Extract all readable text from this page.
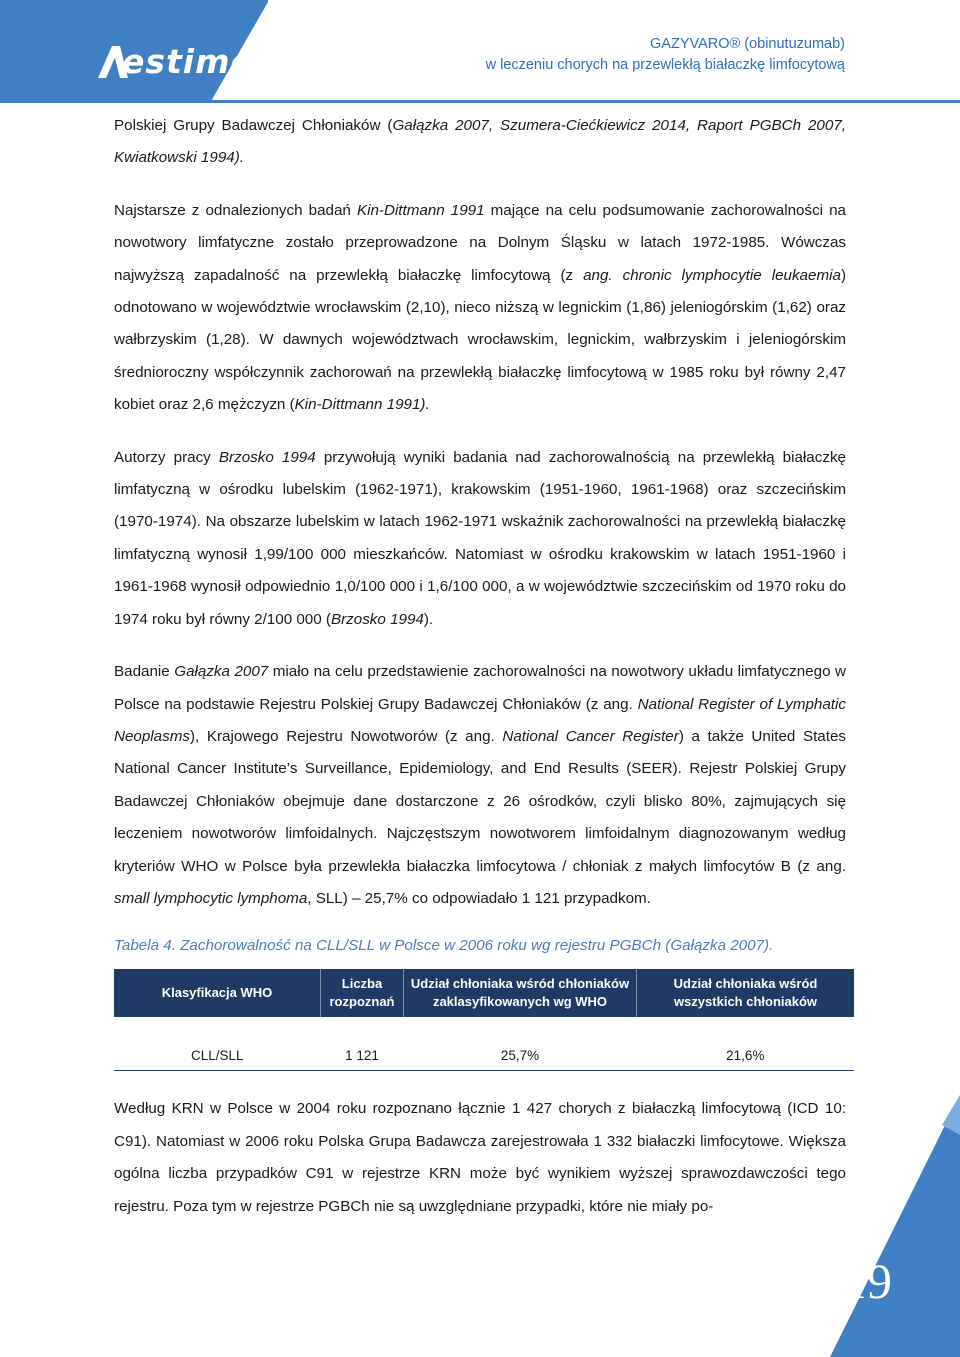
estimo	GAZYVARO® (obinutuzumab)
w leczeniu chorych na przewlekłą białaczkę limfocytową

Polskiej Grupy Badawczej Chłoniaków (Gałązka 2007, Szumera-Ciećkiewicz 2014, Raport PGBCh 2007, Kwiatkowski 1994).

Najstarsze z odnalezionych badań Kin-Dittmann 1991 mające na celu podsumowanie zachorowalności na nowotwory limfatyczne zostało przeprowadzone na Dolnym Śląsku w latach 1972-1985. Wówczas najwyższą zapadalność na przewlekłą białaczkę limfocytową (z ang. chronic lymphocytie leukaemia) odnotowano w województwie wrocławskim (2,10), nieco niższą w legnickim (1,86) jeleniogórskim (1,62) oraz wałbrzyskim (1,28). W dawnych województwach wrocławskim, legnickim, wałbrzyskim i jeleniogórskim średnioroczny współczynnik zachorowań na przewlekłą białaczkę limfocytową w 1985 roku był równy 2,47 kobiet oraz 2,6 mężczyzn (Kin-Dittmann 1991).

Autorzy pracy Brzosko 1994 przywołują wyniki badania nad zachorowalnością na przewlekłą białaczkę limfatyczną w ośrodku lubelskim (1962-1971), krakowskim (1951-1960, 1961-1968) oraz szczecińskim (1970-1974). Na obszarze lubelskim w latach 1962-1971 wskaźnik zachorowalności na przewlekłą białaczkę limfatyczną wynosił 1,99/100 000 mieszkańców. Natomiast w ośrodku krakowskim w latach 1951-1960 i 1961-1968 wynosił odpowiednio 1,0/100 000 i 1,6/100 000, a w województwie szczecińskim od 1970 roku do 1974 roku był równy 2/100 000 (Brzosko 1994).

Badanie Gałązka 2007 miało na celu przedstawienie zachorowalności na nowotwory układu limfatycznego w Polsce na podstawie Rejestru Polskiej Grupy Badawczej Chłoniaków (z ang. National Register of Lymphatic Neoplasms), Krajowego Rejestru Nowotworów (z ang. National Cancer Register) a także United States National Cancer Institute’s Surveillance, Epidemiology, and End Results (SEER). Rejestr Polskiej Grupy Badawczej Chłoniaków obejmuje dane dostarczone z 26 ośrodków, czyli blisko 80%, zajmujących się leczeniem nowotworów limfoidalnych. Najczęstszym nowotworem limfoidalnym diagnozowanym według kryteriów WHO w Polsce była przewlekła białaczka limfocytowa / chłoniak z małych limfocytów B (z ang. small lymphocytic lymphoma, SLL) – 25,7% co odpowiadało 1 121 przypadkom.

Tabela 4. Zachorowalność na CLL/SLL w Polsce w 2006 roku wg rejestru PGBCh (Gałązka 2007).
Klasyfikacja WHO	Liczba rozpoznań	Udział chłoniaka wśród chłoniaków zaklasyfikowanych wg WHO	Udział chłoniaka wśród wszystkich chłoniaków

CLL/SLL	1 121	25,7%	21,6%

Według KRN w Polsce w 2004 roku rozpoznano łącznie 1 427 chorych z białaczką limfocytową (ICD 10: C91). Natomiast w 2006 roku Polska Grupa Badawcza zarejestrowała 1 332 białaczki limfocytowe. Większa ogólna liczba przypadków C91 w rejestrze KRN może być wynikiem wyższej sprawozdawczości tego rejestru. Poza tym w rejestrze PGBCh nie są uwzględniane przypadki, które nie miały po-

19
